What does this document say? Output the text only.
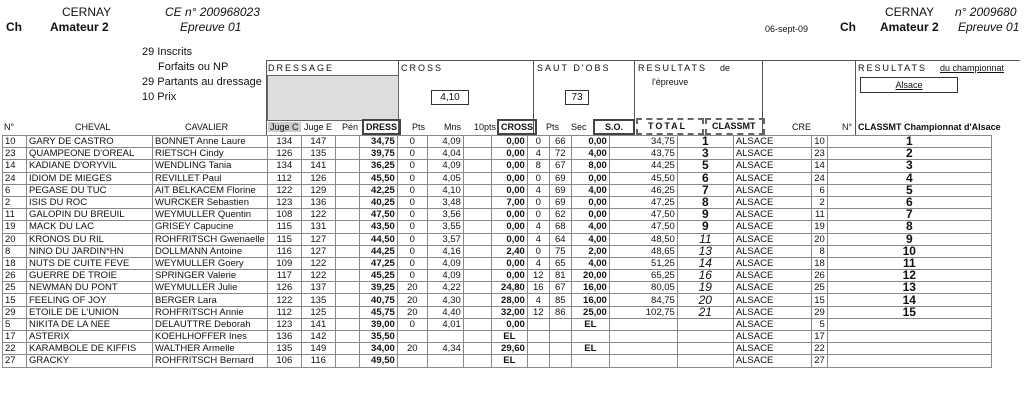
Ch
CERNAY
Amateur 2
CE n° 200968023
Epreuve 01	06-sept-09	Ch
CERNAY n° 2009680
Amateur 2 Epreuve 01
29 Inscrits
Forfaits ou NP
29 Partants au dressage
10 Prix
DRESSAGE	CROSS
4,10
SAUT D'OBS
73
RESULTATS de
l'épreuve
RESULTATS du championnat
Alsace
N°	CHEVAL	CAVALIER	Juge C Juge E Pén DRESS	Pts Mns 10pts CROSS	Pts Sec	S.O.	TOTAL	CLASSMT	CRE	N° CLASSMT Championnat d'Alsace
10	GARY DE CASTRO	BONNET Anne Laure	134	147		34,75	0	4,09		0,00	0	66	0,00	34,75	1	ALSACE	10	1
23	QUAMPEONE D'OREAL	RIETSCH Cindy	126	135		39,75	0	4,04		0,00	4	72	4,00	43,75	3	ALSACE	23	2
14	KADIANE D'ORYVIL	WENDLING Tania	134	141		36,25	0	4,09		0,00	8	67	8,00	44,25	5	ALSACE	14	3
24	IDIOM DE MIEGES	REVILLET Paul	112	126		45,50	0	4,05		0,00	0	69	0,00	45,50	6	ALSACE	24	4
6	PEGASE DU TUC	AIT BELKACEM Florine	122	129		42,25	0	4,10		0,00	4	69	4,00	46,25	7	ALSACE	6	5
2	ISIS DU ROC	WURCKER Sebastien	123	136		40,25	0	3,48		7,00	0	69	0,00	47,25	8	ALSACE	2	6
11	GALOPIN DU BREUIL	WEYMULLER Quentin	108	122		47,50	0	3,56		0,00	0	62	0,00	47,50	9	ALSACE	11	7
19	MACK DU LAC	GRISEY Capucine	115	131		43,50	0	3,55		0,00	4	68	4,00	47,50	9	ALSACE	19	8
20	KRONOS DU RIL	ROHFRITSCH Gwenaelle	115	127		44,50	0	3,57		0,00	4	64	4,00	48,50	11	ALSACE	20	9
8	NINO DU JARDIN*HN	DOLLMANN Antoine	116	127		44,25	0	4,16		2,40	0	75	2,00	48,65	13	ALSACE	8	10
18	NUTS DE CUITE FEVE	WEYMULLER Goery	109	122		47,25	0	4,09		0,00	4	65	4,00	51,25	14	ALSACE	18	11
26	GUERRE DE TROIE	SPRINGER Valerie	117	122		45,25	0	4,09		0,00	12	81	20,00	65,25	16	ALSACE	26	12
25	NEWMAN DU PONT	WEYMULLER Julie	126	137		39,25	20	4,22		24,80	16	67	16,00	80,05	19	ALSACE	25	13
15	FEELING OF JOY	BERGER Lara	122	135		40,75	20	4,30		28,00	4	85	16,00	84,75	20	ALSACE	15	14
29	ETOILE DE L'UNION	ROHFRITSCH Annie	112	125		45,75	20	4,40		32,00	12	86	25,00	102,75	21	ALSACE	29	15
5	NIKITA DE LA NEE	DELAUTTRE Deborah	123	141		39,00	0	4,01		0,00			EL			ALSACE	5	
17	ASTERIX	KOEHLHOFFER Ines	136	142		35,50				EL						ALSACE	17	
22	KARAMBOLE DE KIFFIS	WALTHER Armelle	135	149		34,00	20	4,34		29,60			EL			ALSACE	22	
27	GRACKY	ROHFRITSCH Bernard	106	116		49,50				EL						ALSACE	27	
